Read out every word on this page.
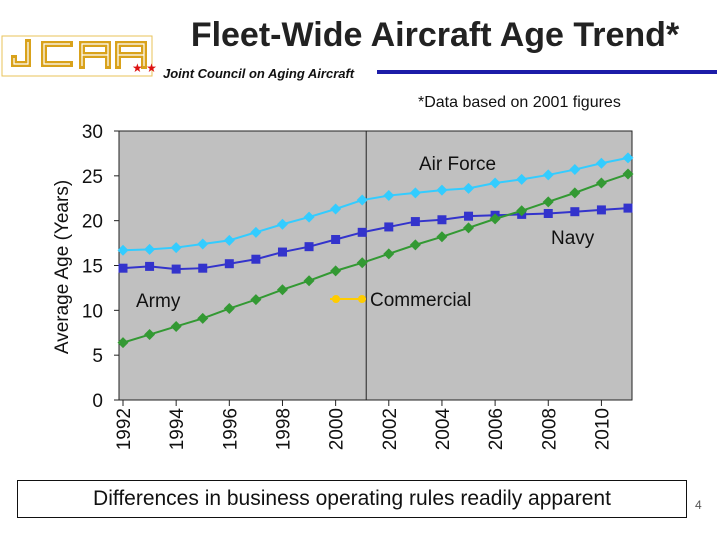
Fleet-Wide Aircraft Age Trend*
★ ★ Joint Council on Aging Aircraft
*Data based on 2001 figures
0
5
10
15
20
25
30
1992 1994 1996 1998 2000 2002 2004 2006 2008 2010
Average Age (Years)
Air Force
Navy
Army	Commercial
Differences in business operating rules readily apparent	4
